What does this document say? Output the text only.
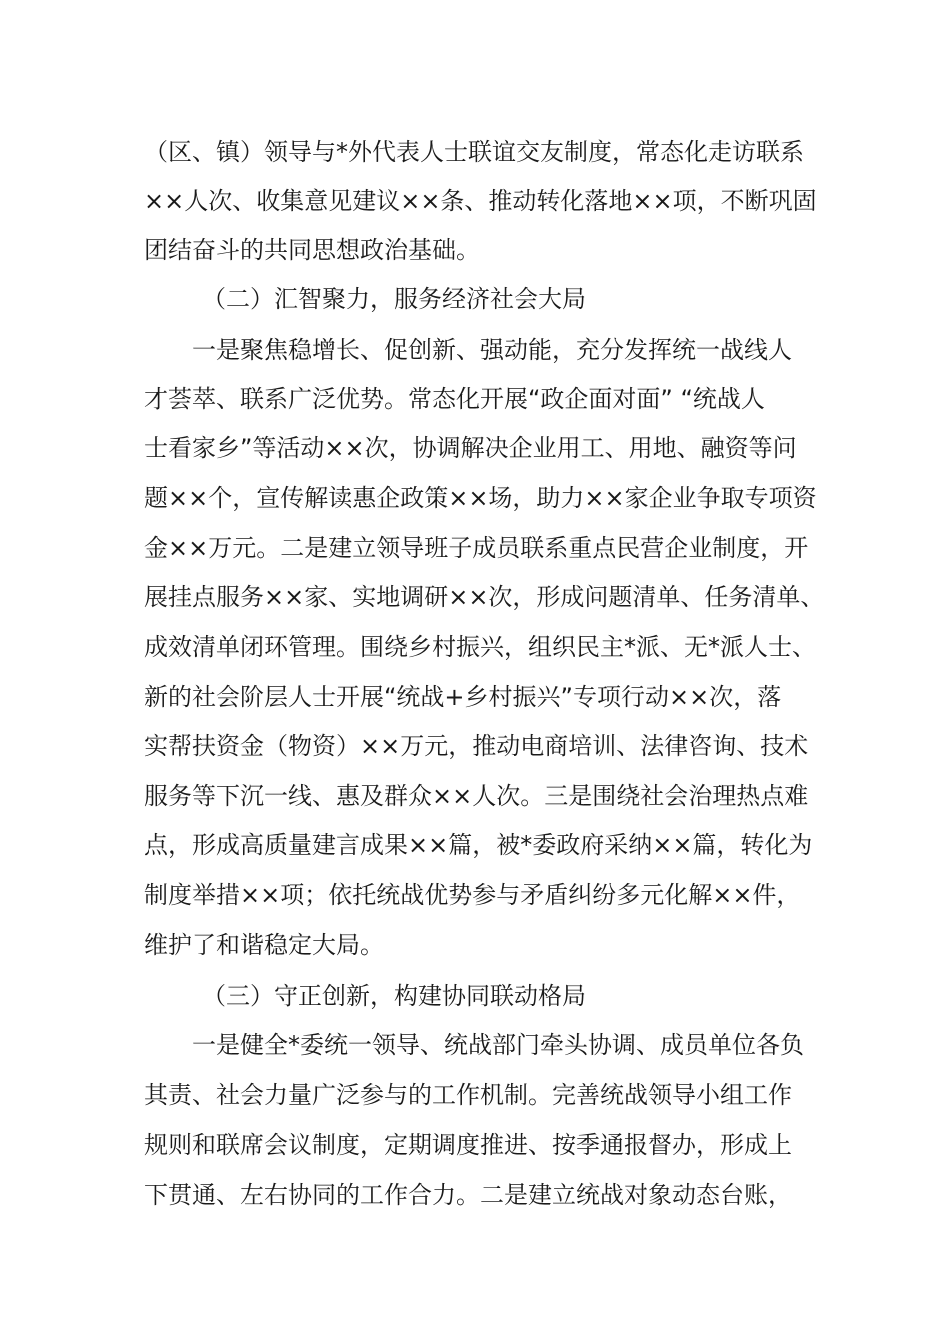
（区、镇）领导与*外代表人士联谊交友制度，常态化走访联系
××人次、收集意见建议××条、推动转化落地××项，不断巩固
团结奋斗的共同思想政治基础。
（二）汇智聚力，服务经济社会大局
一是聚焦稳增长、促创新、强动能，充分发挥统一战线人
才荟萃、联系广泛优势。常态化开展“政企面对面” “统战人
士看家乡”等活动××次，协调解决企业用工、用地、融资等问
题××个，宣传解读惠企政策××场，助力××家企业争取专项资
金××万元。二是建立领导班子成员联系重点民营企业制度，开
展挂点服务××家、实地调研××次，形成问题清单、任务清单、
成效清单闭环管理。围绕乡村振兴，组织民主*派、无*派人士、
新的社会阶层人士开展“统战+乡村振兴”专项行动××次，落
实帮扶资金（物资）××万元，推动电商培训、法律咨询、技术
服务等下沉一线、惠及群众××人次。三是围绕社会治理热点难
点，形成高质量建言成果××篇，被*委政府采纳××篇，转化为
制度举措××项；依托统战优势参与矛盾纠纷多元化解××件，
维护了和谐稳定大局。
（三）守正创新，构建协同联动格局
一是健全*委统一领导、统战部门牵头协调、成员单位各负
其责、社会力量广泛参与的工作机制。完善统战领导小组工作
规则和联席会议制度，定期调度推进、按季通报督办，形成上
下贯通、左右协同的工作合力。二是建立统战对象动态台账，
